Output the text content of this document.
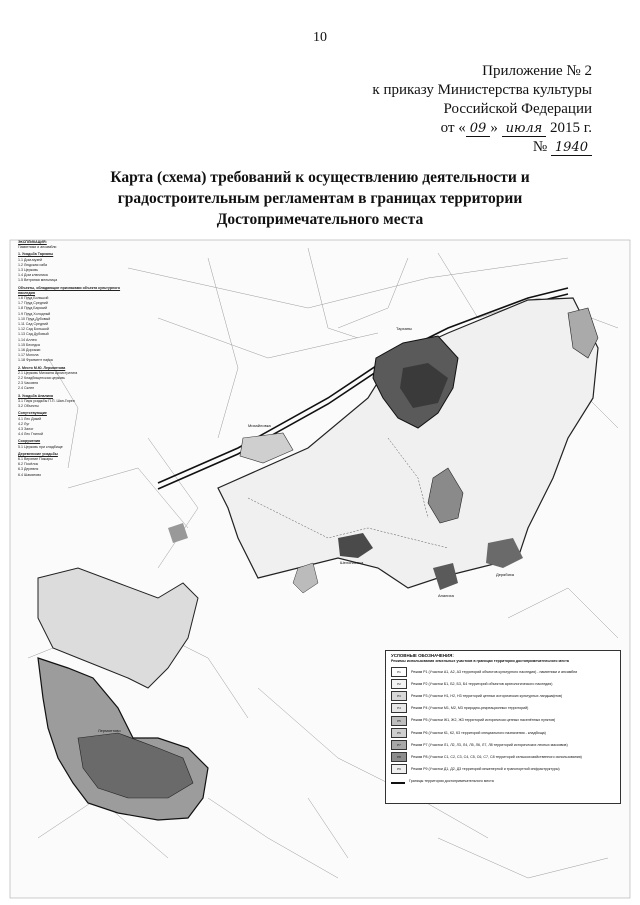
10
Приложение № 2
к приказу Министерства культуры
Российской Федерации
от « 09 » июля 2015 г.
№ 1940
Карта (схема) требований к осуществлению деятельности и
градостроительным регламентам в границах территории
Достопримечательного места
Тарханы
Михайловка
Апалиха
Дерябиха
Шелопаевка
Лермонтово
ЭКСПЛИКАЦИЯ:
Памятники и ансамбли
1. Усадьба Тарханы
1.1 Дом-музей
1.2 Людская изба
1.3 Церковь
1.4 Дом ключника
1.5 Ветряная мельница
Объекты, обладающие признаками объекта культурного наследия
1.6 Пруд Большой
1.7 Пруд Средний
1.8 Пруд Барский
1.9 Пруд Холодный
1.10 Пруд Дубовый
1.11 Сад Средний
1.12 Сад Большой
1.13 Сад Дубовый
1.14 Аллея
1.15 Беседка
1.16 Дорожки
1.17 Могила
1.18 Фрагмент парка
2. Место М.Ю. Лермонтова
2.1 Церковь Михаила Архистратига
2.2 Кладбищенская церковь
2.3 Часовня
2.4 Склеп
3. Усадьба Апалиха
3.1 Парк усадьбы П.П. Шан-Гирея
3.2 Объекты
Сопутствующие
4.1 Лес Дикий
4.2 Луг
4.3 Залог
4.4 Лес Гнилой
Сооружения
5.1 Церковь при кладбище
Деревенские усадьбы
6.1 Верхние Пожары
6.2 Посёлок
6.3 Деревня
6.4 Шаматово
УСЛОВНЫЕ ОБОЗНАЧЕНИЯ:
Режимы использования земельных участков в границах территории достопримечательного места
Р1	Режим Р1 (Участки А1, А2, А3 территорий объектов культурного наследия) - памятники и ансамбли
Р2	Режим Р2 (Участки Б1, Б2, Б3, Б4 территорий объектов археологического наследия)
Р3	Режим Р3 (Участки Н1, Н2, Н3 территорий ценных исторических культурных ландшафтов)
Р4	Режим Р4 (Участки М1, М2, М3 природно-рекреационных территорий)
Р5	Режим Р5 (Участки Ж1, Ж2, Ж3 территорий исторически ценных населённых пунктов)
Р6	Режим Р6 (Участки К1, К2, К3 территорий специального назначения - кладбища)
Р7	Режим Р7 (Участки Л1, Л2, Л3, Л4, Л5, Л6, Л7, Л8 территорий исторических лесных массивов)
Р8	Режим Р8 (Участки С1, С2, С3, С4, С5, С6, С7, С8 территорий сельскохозяйственного использования)
Р9	Режим Р9 (Участки Д1, Д2, Д3 территорий инженерной и транспортной инфраструктуры)
Границы территории достопримечательного места
